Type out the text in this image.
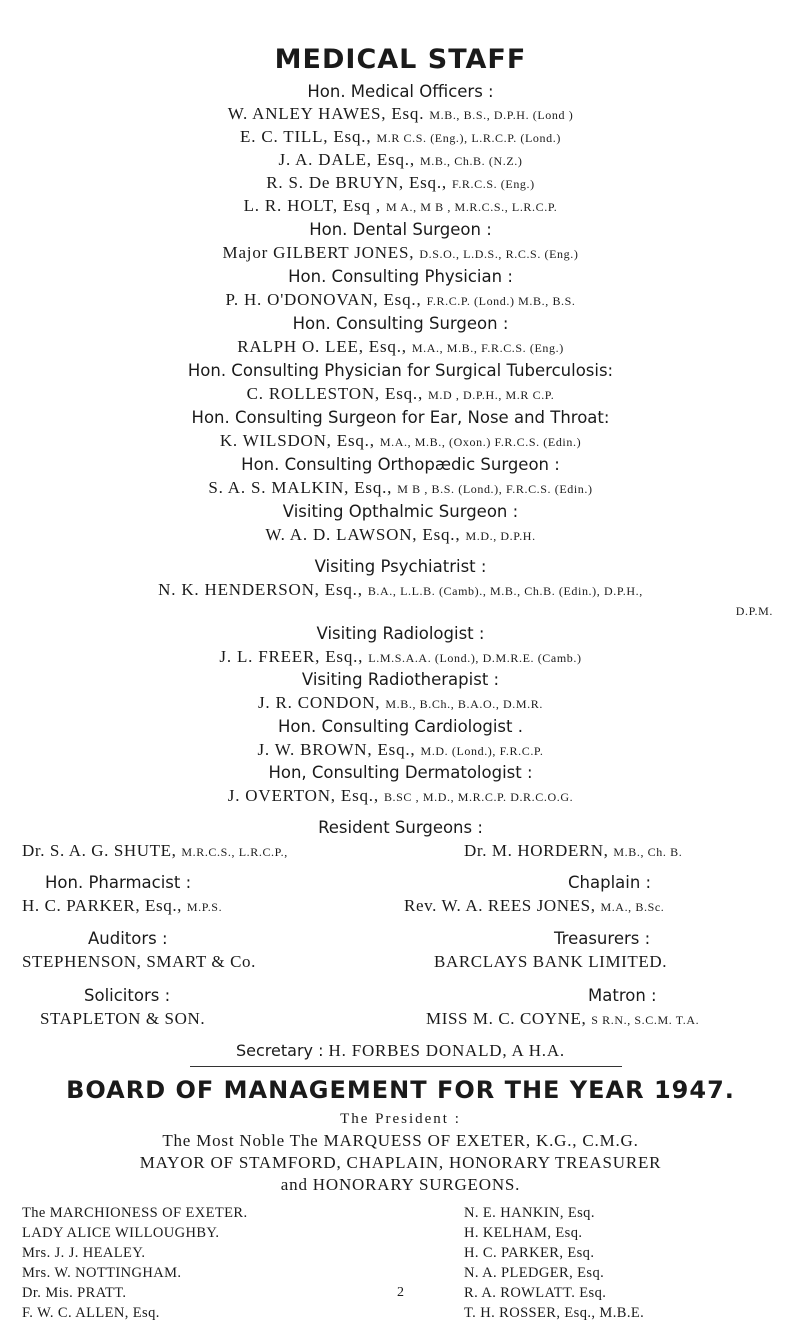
MEDICAL STAFF
Hon. Medical Officers :
W. ANLEY HAWES, Esq. M.B., B.S., D.P.H. (Lond )
E. C. TILL, Esq., M.R C.S. (Eng.), L.R.C.P. (Lond.)
J. A. DALE, Esq., M.B., Ch.B. (N.Z.)
R. S. De BRUYN, Esq., F.R.C.S. (Eng.)
L. R. HOLT, Esq , M A., M B , M.R.C.S., L.R.C.P.
Hon. Dental Surgeon :
Major GILBERT JONES, D.S.O., L.D.S., R.C.S. (Eng.)
Hon. Consulting Physician :
P. H. O'DONOVAN, Esq., F.R.C.P. (Lond.) M.B., B.S.
Hon. Consulting Surgeon :
RALPH O. LEE, Esq., M.A., M.B., F.R.C.S. (Eng.)
Hon. Consulting Physician for Surgical Tuberculosis:
C. ROLLESTON, Esq., M.D , D.P.H., M.R C.P.
Hon. Consulting Surgeon for Ear, Nose and Throat:
K. WILSDON, Esq., M.A., M.B., (Oxon.) F.R.C.S. (Edin.)
Hon. Consulting Orthopædic Surgeon :
S. A. S. MALKIN, Esq., M B , B.S. (Lond.), F.R.C.S. (Edin.)
Visiting Opthalmic Surgeon :
W. A. D. LAWSON, Esq., M.D., D.P.H.
Visiting Psychiatrist :
N. K. HENDERSON, Esq., B.A., L.L.B. (Camb)., M.B., Ch.B. (Edin.), D.P.H.,
D.P.M.
Visiting Radiologist :
J. L. FREER, Esq., L.M.S.A.A. (Lond.), D.M.R.E. (Camb.)
Visiting Radiotherapist :
J. R. CONDON, M.B., B.Ch., B.A.O., D.M.R.
Hon. Consulting Cardiologist .
J. W. BROWN, Esq., M.D. (Lond.), F.R.C.P.
Hon, Consulting Dermatologist :
J. OVERTON, Esq., B.SC , M.D., M.R.C.P. D.R.C.O.G.
Resident Surgeons :
Dr. S. A. G. SHUTE, M.R.C.S., L.R.C.P.,	Dr. M. HORDERN, M.B., Ch. B.
Hon. Pharmacist :	Chaplain :
H. C. PARKER, Esq., M.P.S.	Rev. W. A. REES JONES, M.A., B.Sc.
Auditors :	Treasurers :
STEPHENSON, SMART & Co.	BARCLAYS BANK LIMITED.
Solicitors :	Matron :
STAPLETON & SON.	MISS M. C. COYNE, S R.N., S.C.M. T.A.
Secretary : H. FORBES DONALD, A H.A.
BOARD OF MANAGEMENT FOR THE YEAR 1947.
The President :
The Most Noble The MARQUESS OF EXETER, K.G., C.M.G.
MAYOR OF STAMFORD, CHAPLAIN, HONORARY TREASURER
and HONORARY SURGEONS.
The MARCHIONESS OF EXETER.
LADY ALICE WILLOUGHBY.
Mrs. J. J. HEALEY.
Mrs. W. NOTTINGHAM.
Dr. Mis. PRATT.
F. W. C. ALLEN, Esq.
N. E. HANKIN, Esq.
H. KELHAM, Esq.
H. C. PARKER, Esq.
N. A. PLEDGER, Esq.
R. A. ROWLATT. Esq.
T. H. ROSSER, Esq., M.B.E.
2
